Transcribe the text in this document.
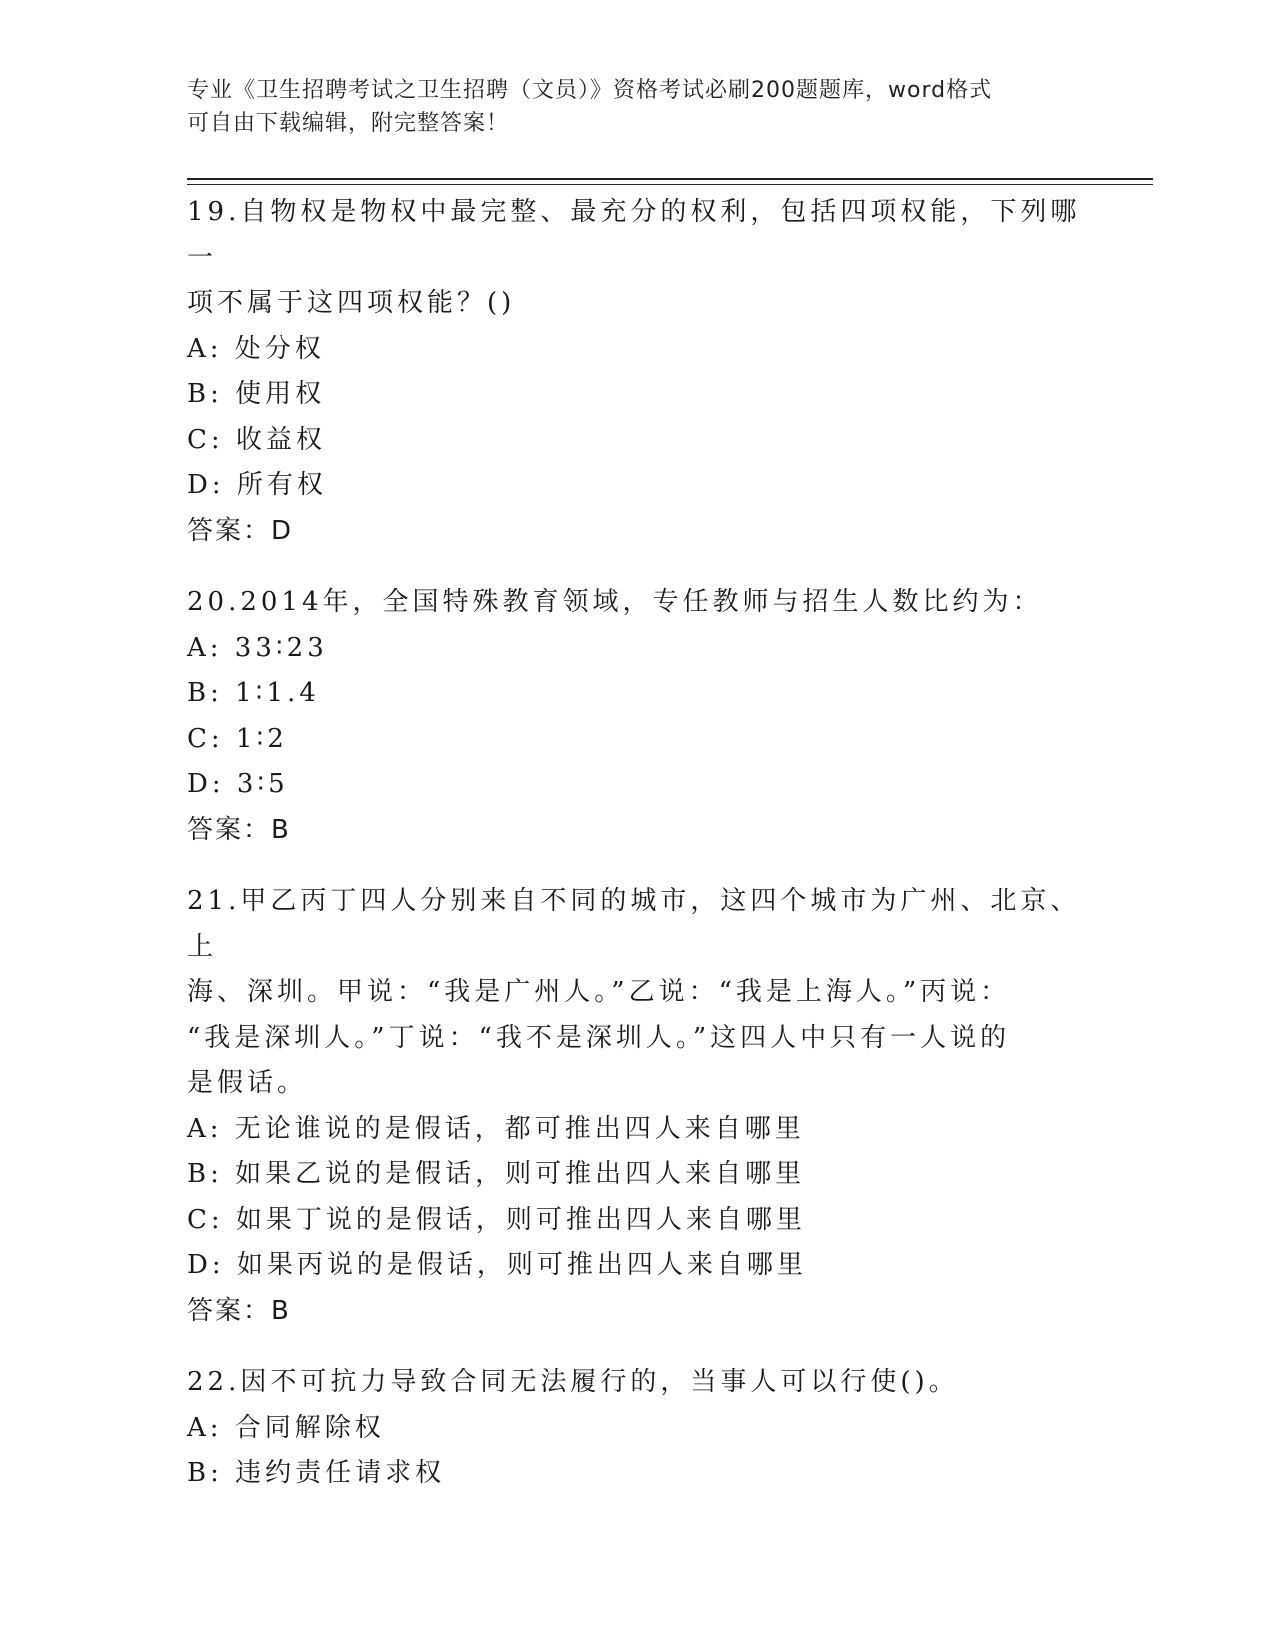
专业《卫生招聘考试之卫生招聘（文员）》资格考试必刷200题题库，word格式

可自由下载编辑，附完整答案！

19.自物权是物权中最完整、最充分的权利，包括四项权能，下列哪一

项不属于这四项权能？()

A: 处分权

B: 使用权

C: 收益权

D: 所有权

答案：D

20.2014年，全国特殊教育领域，专任教师与招生人数比约为：

A: 33∶23

B: 1∶1.4

C: 1∶2

D: 3∶5

答案：B

21.甲乙丙丁四人分别来自不同的城市，这四个城市为广州、北京、上

海、深圳。甲说：“我是广州人。”乙说：“我是上海人。”丙说：

“我是深圳人。”丁说：“我不是深圳人。”这四人中只有一人说的

是假话。

A: 无论谁说的是假话，都可推出四人来自哪里

B: 如果乙说的是假话，则可推出四人来自哪里

C: 如果丁说的是假话，则可推出四人来自哪里

D: 如果丙说的是假话，则可推出四人来自哪里

答案：B

22.因不可抗力导致合同无法履行的，当事人可以行使()。

A: 合同解除权

B: 违约责任请求权
